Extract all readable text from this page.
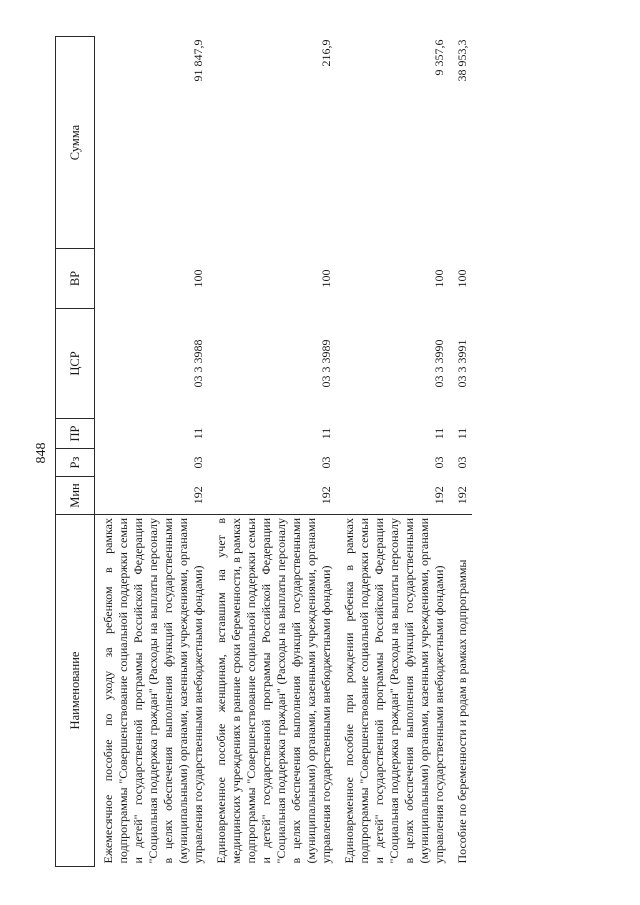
848
Наименование	Мин	Рз	ПР	ЦСР	ВР	Сумма
Ежемесячное пособие по уходу за ребенком в рамках подпрограммы "Совершенствование социальной поддержки семьи и детей" государственной программы Российской Федерации "Социальная поддержка граждан" (Расходы на выплаты персоналу в целях обеспечения выполнения функций государственными (муниципальными) органами, казенными учреждениями, органами управления государственными внебюджетными фондами)	192	03	11	03 3 3988	100	91 847,9
Единовременное пособие женщинам, вставшим на учет в медицинских учреждениях в ранние сроки беременности, в рамках подпрограммы "Совершенствование социальной поддержки семьи и детей" государственной программы Российской Федерации "Социальная поддержка граждан" (Расходы на выплаты персоналу в целях обеспечения выполнения функций государственными (муниципальными) органами, казенными учреждениями, органами управления государственными внебюджетными фондами)	192	03	11	03 3 3989	100	216,9
Единовременное пособие при рождении ребенка в рамках подпрограммы "Совершенствование социальной поддержки семьи и детей" государственной программы Российской Федерации "Социальная поддержка граждан" (Расходы на выплаты персоналу в целях обеспечения выполнения функций государственными (муниципальными) органами, казенными учреждениями, органами управления государственными внебюджетными фондами)	192	03	11	03 3 3990	100	9 357,6
Пособие по беременности и родам в рамках подпрограммы	192	03	11	03 3 3991	100	38 953,3
